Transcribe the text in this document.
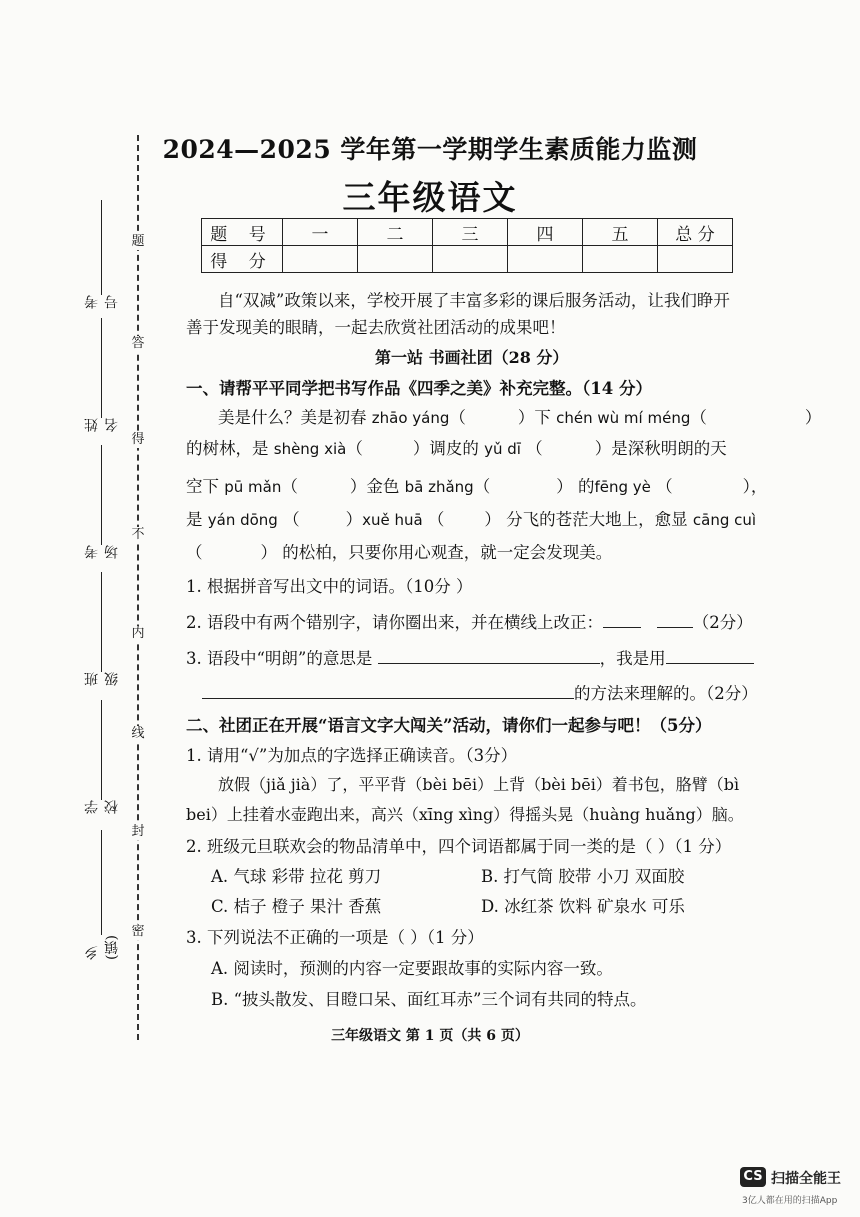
题
答
得
不
内
线
封
密
考号
姓名
考场
班级
学校
乡(镇)
2024—2025 学年第一学期学生素质能力监测
三年级语文
题 号	一	二	三	四	五	总 分
得 分						
自“双减”政策以来，学校开展了丰富多彩的课后服务活动，让我们睁开
善于发现美的眼睛，一起去欣赏社团活动的成果吧！
第一站 书画社团（28 分）
一、请帮平平同学把书写作品《四季之美》补充完整。（14 分）
美是什么？美是初春 zhāo yáng（	）下 chén wù mí méng（	）
的树林，是 shèng xià（	）调皮的 yǔ dī （	）是深秋明朗的天
空下 pū mǎn（	）金色 bā zhǎng（	） 的fēng yè （	），
是 yán dōng （	）xuě huā （ ） 分飞的苍茫大地上，愈显 cāng cuì
（	） 的松柏，只要你用心观查，就一定会发现美。
1. 根据拼音写出文中的词语。（10分 ）
2. 语段中有两个错别字，请你圈出来，并在横线上改正：	（2分）
3. 语段中“明朗”的意思是	，我是用
的方法来理解的。（2分）
二、社团正在开展“语言文字大闯关”活动，请你们一起参与吧！（5分）
1. 请用“√”为加点的字选择正确读音。（3分）
放假（jiǎ jià）了，平平背（bèi bēi）上背（bèi bēi）着书包，胳臂（bì
bei）上挂着水壶跑出来，高兴（xīng xìng）得摇头晃（huàng huǎng）脑。
2. 班级元旦联欢会的物品清单中，四个词语都属于同一类的是（ ）（1 分）
A. 气球 彩带 拉花 剪刀	B. 打气筒 胶带 小刀 双面胶
C. 桔子 橙子 果汁 香蕉	D. 冰红茶 饮料 矿泉水 可乐
3. 下列说法不正确的一项是（ ）（1 分）
A. 阅读时，预测的内容一定要跟故事的实际内容一致。
B. “披头散发、目瞪口呆、面红耳赤”三个词有共同的特点。
三年级语文 第 1 页（共 6 页）
CS 扫描全能王
3亿人都在用的扫描App
